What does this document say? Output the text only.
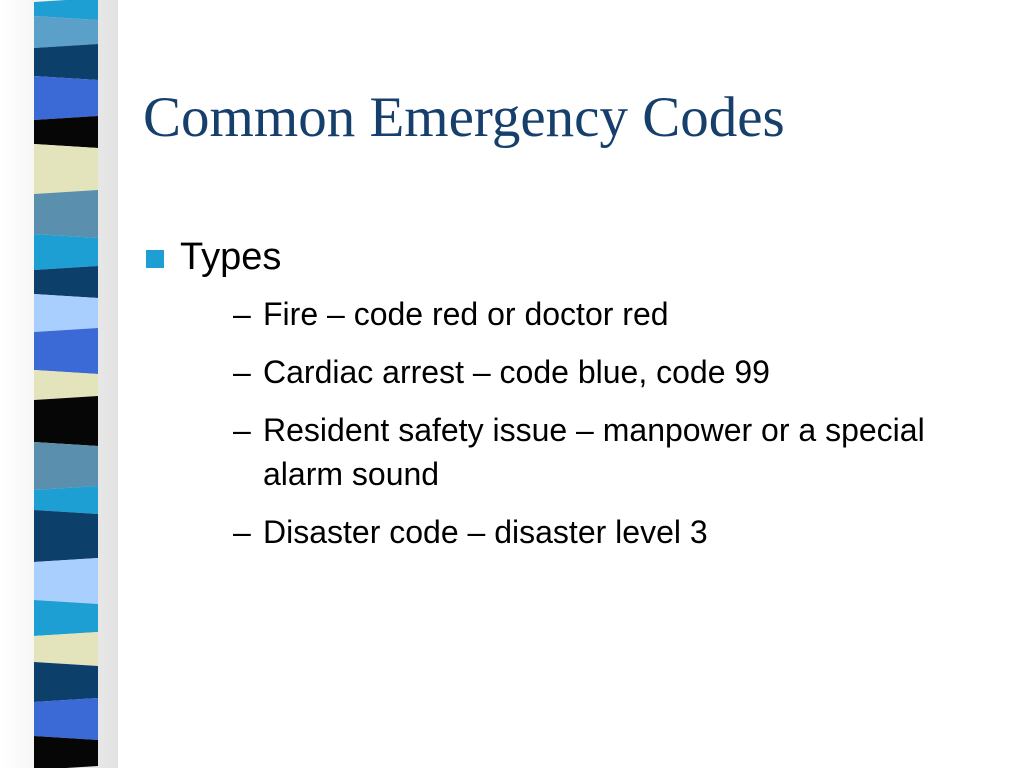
Common Emergency Codes
Types
– Fire – code red or doctor red
– Cardiac arrest – code blue, code 99
– Resident safety issue – manpower or a special alarm sound
– Disaster code – disaster level 3
